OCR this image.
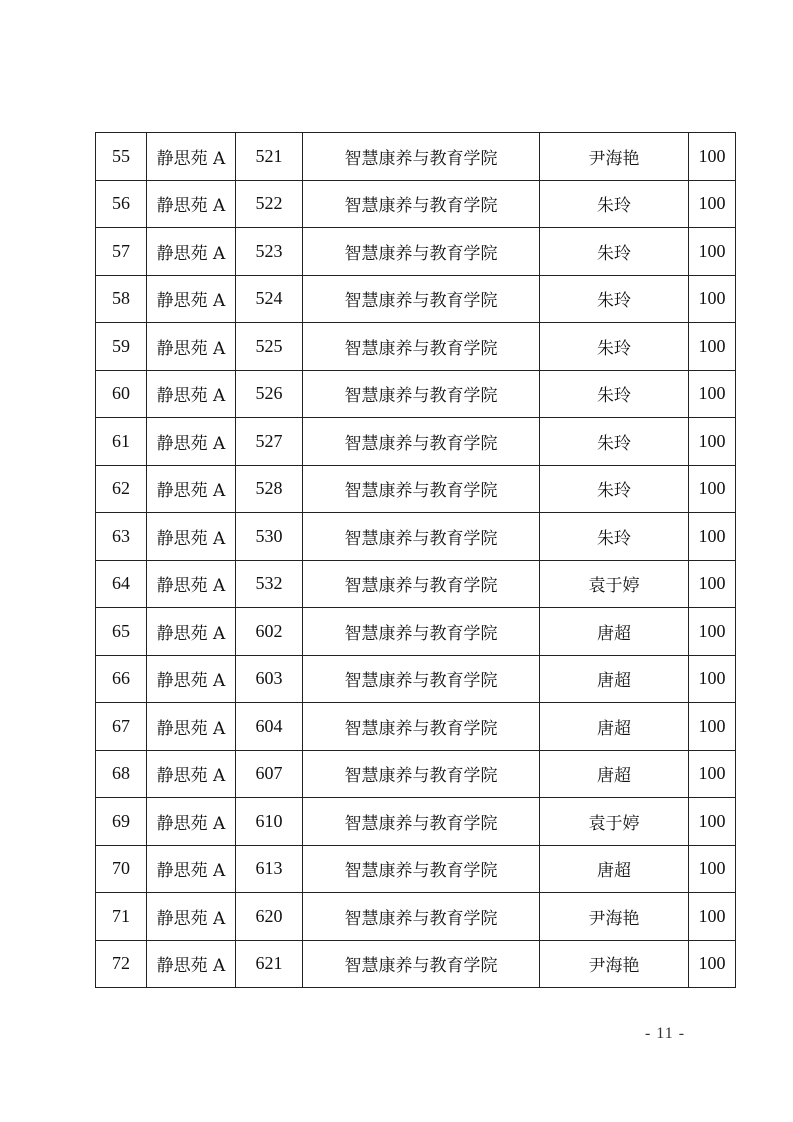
55	静思苑 A	521	智慧康养与教育学院	尹海艳	100
56	静思苑 A	522	智慧康养与教育学院	朱玲	100
57	静思苑 A	523	智慧康养与教育学院	朱玲	100
58	静思苑 A	524	智慧康养与教育学院	朱玲	100
59	静思苑 A	525	智慧康养与教育学院	朱玲	100
60	静思苑 A	526	智慧康养与教育学院	朱玲	100
61	静思苑 A	527	智慧康养与教育学院	朱玲	100
62	静思苑 A	528	智慧康养与教育学院	朱玲	100
63	静思苑 A	530	智慧康养与教育学院	朱玲	100
64	静思苑 A	532	智慧康养与教育学院	袁于婷	100
65	静思苑 A	602	智慧康养与教育学院	唐超	100
66	静思苑 A	603	智慧康养与教育学院	唐超	100
67	静思苑 A	604	智慧康养与教育学院	唐超	100
68	静思苑 A	607	智慧康养与教育学院	唐超	100
69	静思苑 A	610	智慧康养与教育学院	袁于婷	100
70	静思苑 A	613	智慧康养与教育学院	唐超	100
71	静思苑 A	620	智慧康养与教育学院	尹海艳	100
72	静思苑 A	621	智慧康养与教育学院	尹海艳	100
- 11 -
